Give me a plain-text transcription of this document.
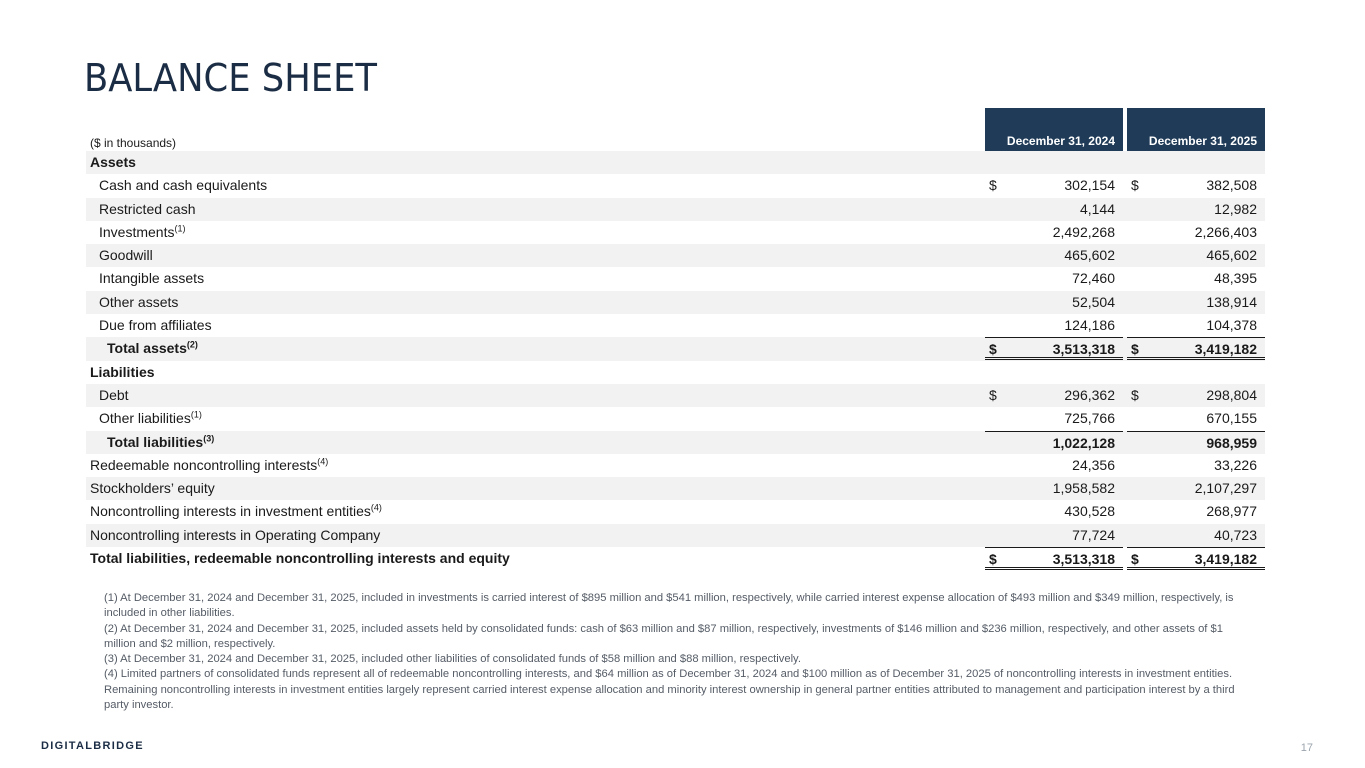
BALANCE SHEET
December 31, 2024	December 31, 2025
($ in thousands)
Assets
Cash and cash equivalents	$	302,154 $	382,508
Restricted cash	4,144	12,982
Investments$^{(1)}$	2,492,268	2,266,403
Goodwill	465,602	465,602
Intangible assets	72,460	48,395
Other assets	52,504	138,914
Due from affiliates	124,186	104,378
Total assets$^{(2)}$	$	3,513,318 $	3,419,182
Liabilities
Debt	$	296,362 $	298,804
Other liabilities$^{(1)}$	725,766	670,155
Total liabilities$^{(3)}$	1,022,128	968,959
Redeemable noncontrolling interests$^{(4)}$	24,356	33,226
Stockholders’ equity	1,958,582	2,107,297
Noncontrolling interests in investment entities$^{(4)}$	430,528	268,977
Noncontrolling interests in Operating Company	77,724	40,723
Total liabilities, redeemable noncontrolling interests and equity	$	3,513,318 $	3,419,182
(1) At December 31, 2024 and December 31, 2025, included in investments is carried interest of $895 million and $541 million, respectively, while carried interest expense allocation of $493 million and $349 million, respectively, is included in other liabilities.
(2) At December 31, 2024 and December 31, 2025, included assets held by consolidated funds: cash of $63 million and $87 million, respectively, investments of $146 million and $236 million, respectively, and other assets of $1 million and $2 million, respectively.
(3) At December 31, 2024 and December 31, 2025, included other liabilities of consolidated funds of $58 million and $88 million, respectively.
(4) Limited partners of consolidated funds represent all of redeemable noncontrolling interests, and $64 million as of December 31, 2024 and $100 million as of December 31, 2025 of noncontrolling interests in investment entities. Remaining noncontrolling interests in investment entities largely represent carried interest expense allocation and minority interest ownership in general partner entities attributed to management and participation interest by a third party investor.
DIGITALBRIDGE	17
